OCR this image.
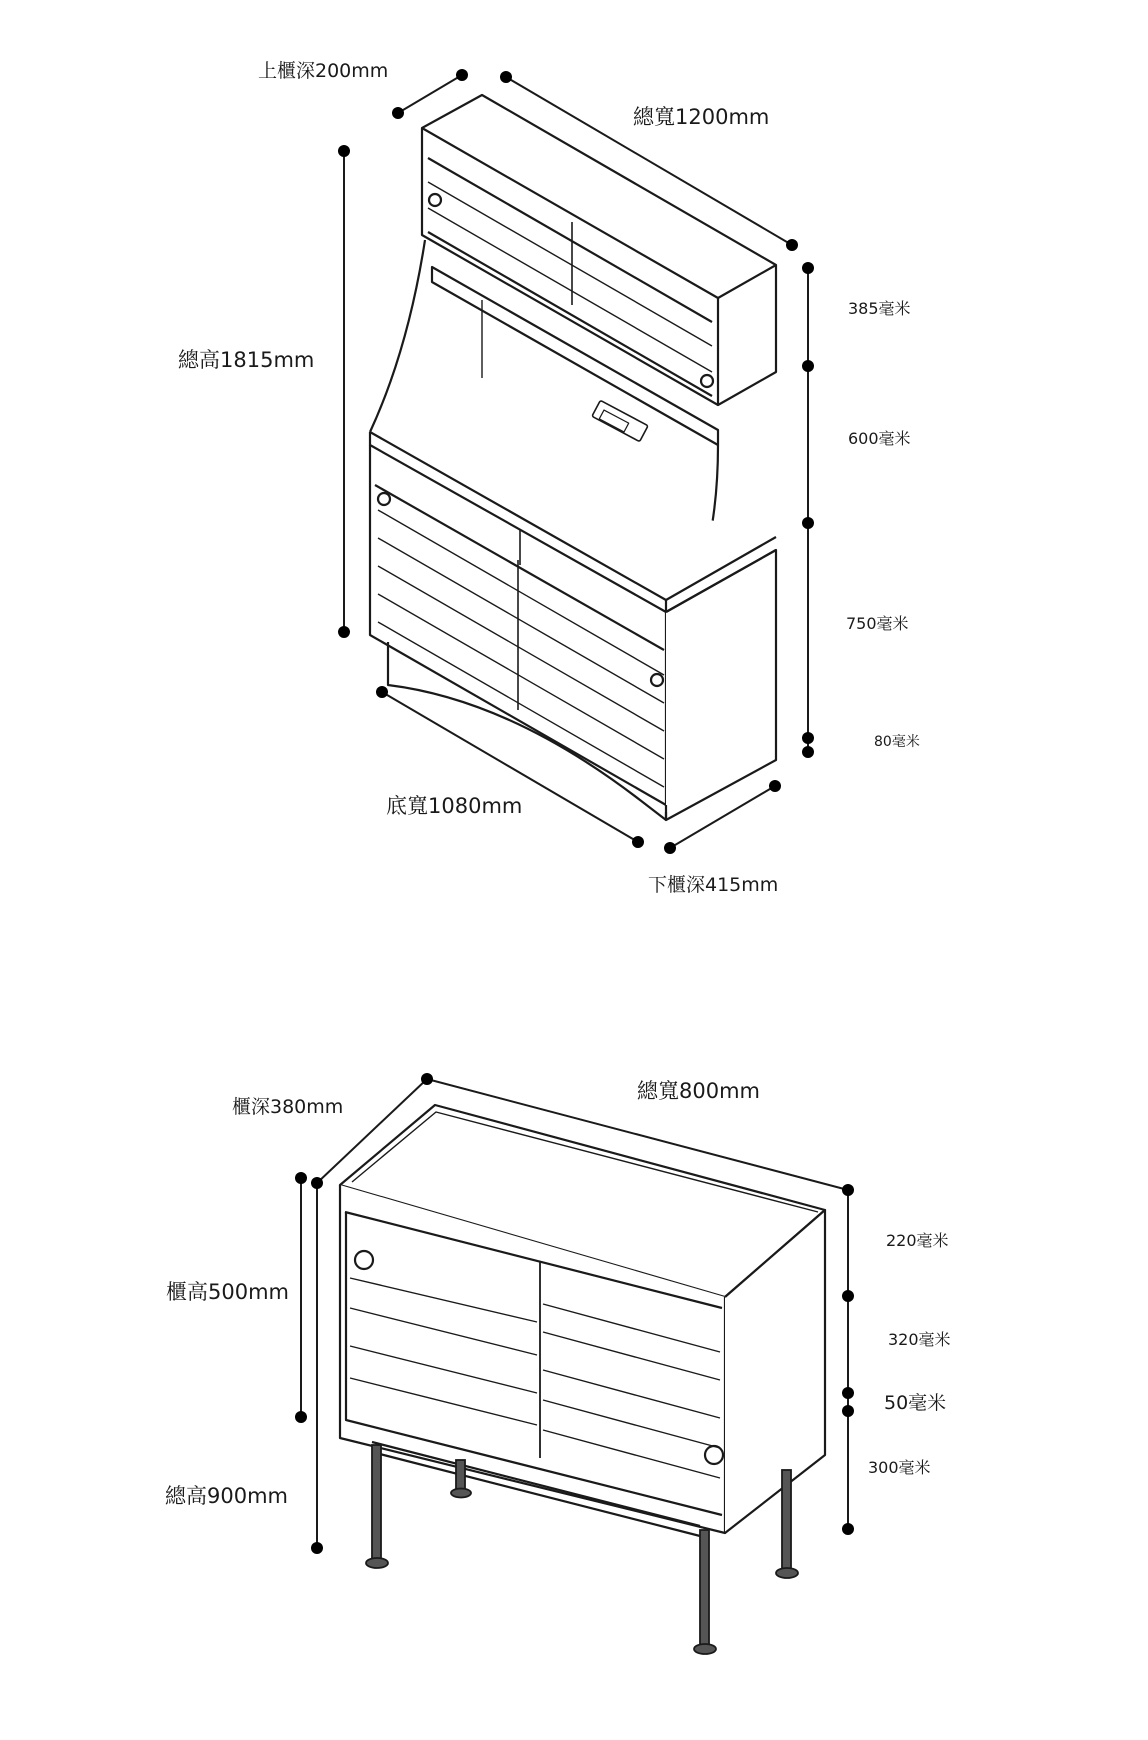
上櫃深200mm
總寬1200mm
總高1815mm
385毫米
600毫米
750毫米
80毫米
底寬1080mm
下櫃深415mm
櫃深380mm
總寬800mm
櫃高500mm
總高900mm
220毫米
320毫米
50毫米
300毫米
